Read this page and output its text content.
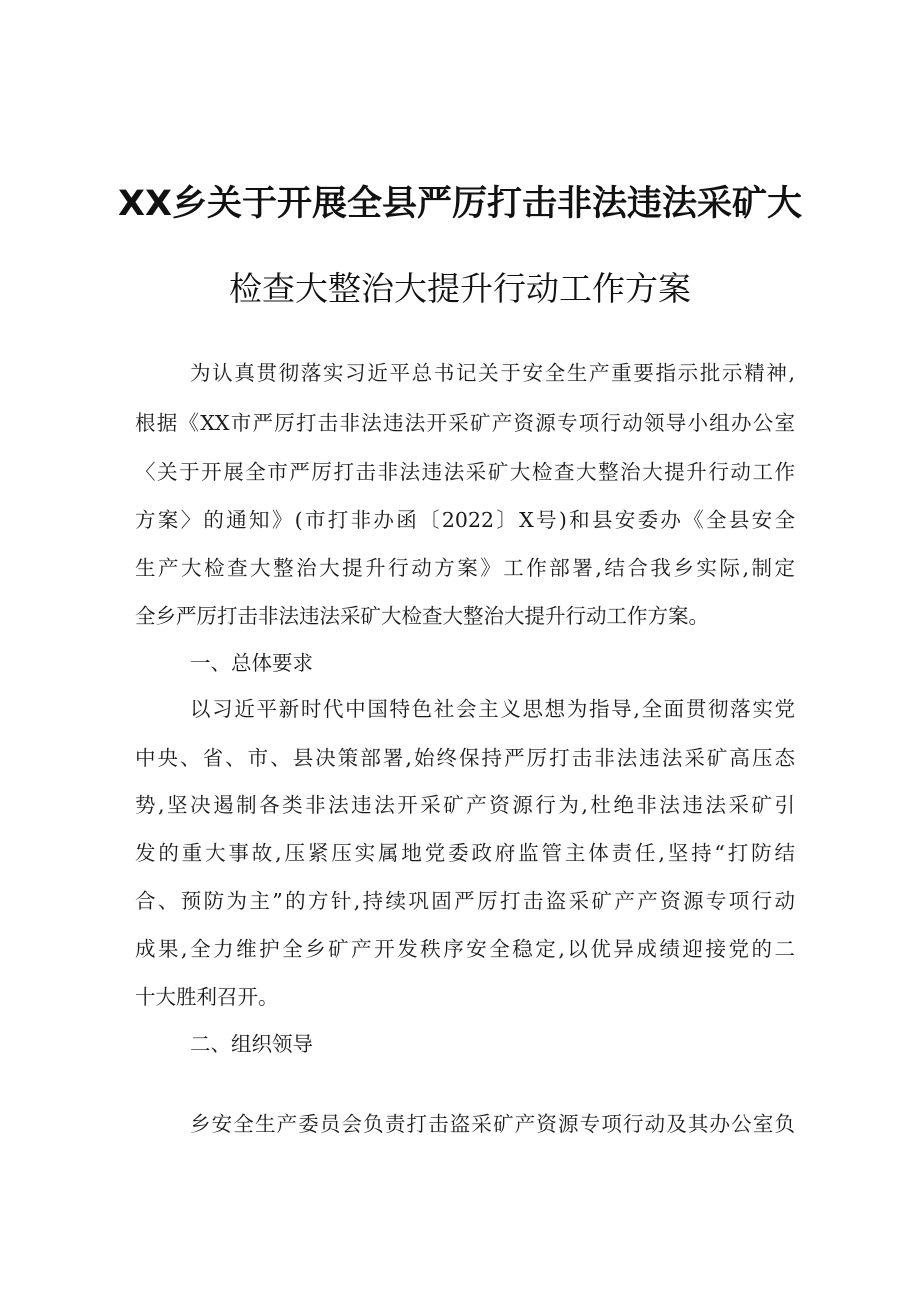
XX乡关于开展全县严厉打击非法违法采矿大
检查大整治大提升行动工作方案
为认真贯彻落实习近平总书记关于安全生产重要指示批示精神,
根据《XX市严厉打击非法违法开采矿产资源专项行动领导小组办公室
〈关于开展全市严厉打击非法违法采矿大检查大整治大提升行动工作
方案〉的通知》(市打非办函〔2022〕X号)和县安委办《全县安全
生产大检查大整治大提升行动方案》工作部署,结合我乡实际,制定
全乡严厉打击非法违法采矿大检查大整治大提升行动工作方案。
一、总体要求
以习近平新时代中国特色社会主义思想为指导,全面贯彻落实党
中央、省、市、县决策部署,始终保持严厉打击非法违法采矿高压态
势,坚决遏制各类非法违法开采矿产资源行为,杜绝非法违法采矿引
发的重大事故,压紧压实属地党委政府监管主体责任,坚持“打防结
合、预防为主”的方针,持续巩固严厉打击盗采矿产产资源专项行动
成果,全力维护全乡矿产开发秩序安全稳定,以优异成绩迎接党的二
十大胜利召开。
二、组织领导
乡安全生产委员会负责打击盗采矿产资源专项行动及其办公室负
